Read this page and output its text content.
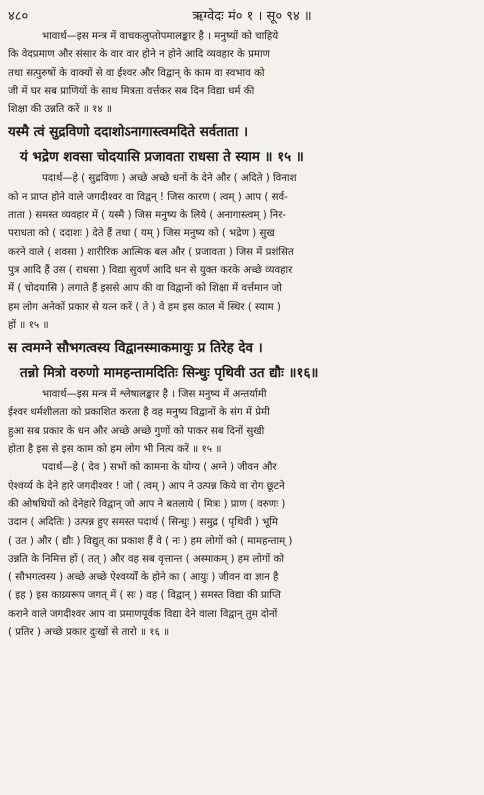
४८०	ऋग्वेदः मं० १ । सू० ९४ ॥
भावार्थ—इस मन्त्र में वाचकलुप्तोपमालङ्कार है । मनुष्यों को चाहिये
कि वेदप्रमाण और संसार के वार वार होने न होने आदि व्यवहार के प्रमाण
तथा सत्पुरुषों के वाक्यों से वा ईश्वर और विद्वान् के काम वा स्वभाव को
जी में घर सब प्राणियों के साथ मित्रता वर्त्तकर सब दिन विद्या धर्म की
शिक्षा की उन्नति करें ॥ १४ ॥
यस्मै त्वं सुद्रविणो ददाशोऽनागास्त्वमदिते सर्वताता ।
यं भद्रेण शवसा चोदयासि प्रजावता राधसा ते स्याम ॥ १५ ॥
पदार्थ—हे ( सुद्रविणः ) अच्छे अच्छे धनों के देने और ( अदिते ) विनाश
को न प्राप्त होने वाले जगदीश्वर वा विद्वन् ! जिस कारण ( त्वम् ) आप ( सर्व-
ताता ) समस्त व्यवहार में ( यस्मै ) जिस मनुष्य के लिये ( अनागास्त्वम् ) निर-
पराधता को ( ददाशः ) देते हैं तथा ( यम् ) जिस मनुष्य को ( भद्रेण ) सुख
करने वाले ( शवसा ) शारीरिक आत्मिक बल और ( प्रजावता ) जिस में प्रशंसित
पुत्र आदि हैं उस ( राधसा ) विद्या सुवर्ण आदि धन से युक्त करके अच्छे व्यवहार
में ( चोदयासि ) लगाते हैं इससे आप की वा विद्वानों को शिक्षा में वर्त्तमान जो
हम लोग अनेकों प्रकार से यत्न करें ( ते ) वे हम इस काल में स्थिर ( स्याम )
हों ॥ १५ ॥
स त्वमग्ने सौभगत्वस्य विद्वानस्माकमायुः प्र तिरेह देव ।
तन्नो मित्रो वरुणो मामहन्तामदितिः सिन्धुः पृथिवी उत द्यौः ॥१६॥
भावार्थ—इस मन्त्र में श्लेषालङ्कार है । जिस मनुष्य में अन्तर्यामी
ईश्वर धर्मशीलता को प्रकाशित करता है वह मनुष्य विद्वानों के संग में प्रेमी
हुआ सब प्रकार के धन और अच्छे अच्छे गुणों को पाकर सब दिनों सुखी
होता है इस से इस काम को हम लोग भी नित्य करें ॥ १५ ॥
पदार्थ—हे ( देव ) सभों को कामना के योग्य ( अग्ने ) जीवन और
ऐश्वर्य्य के देने हारे जगदीश्वर ! जो ( त्वम् ) आप ने उत्पन्न किये वा रोग छूटने
की ओषधियों को देनेहारे विद्वान् जो आप ने बतलाये ( मित्रः ) प्राण ( वरुणः )
उदान ( अदितिः ) उत्पन्न हुए समस्त पदार्थ ( सिन्धुः ) समुद्र ( पृथिवी ) भूमि
( उत ) और ( द्यौः ) विद्युत् का प्रकाश हैं वे ( नः ) हम लोगों को ( मामहन्ताम् )
उन्नति के निमित्त हों ( तत् ) और वह सब वृत्तान्त ( अस्माकम् ) हम लोगों को
( सौभगत्वस्य ) अच्छे अच्छे ऐश्वर्य्यों के होने का ( आयुः ) जीवन वा ज्ञान है
( इह ) इस काय्र्यरूप जगत् में ( सः ) वह ( विद्वान् ) समस्त विद्या की प्राप्ति
कराने वाले जगदीश्वर आप वा प्रमाणपूर्वक विद्या देने वाला विद्वान् तुम दोनों
( प्रतिर ) अच्छे प्रकार दुःखों से तारो ॥ १६ ॥
